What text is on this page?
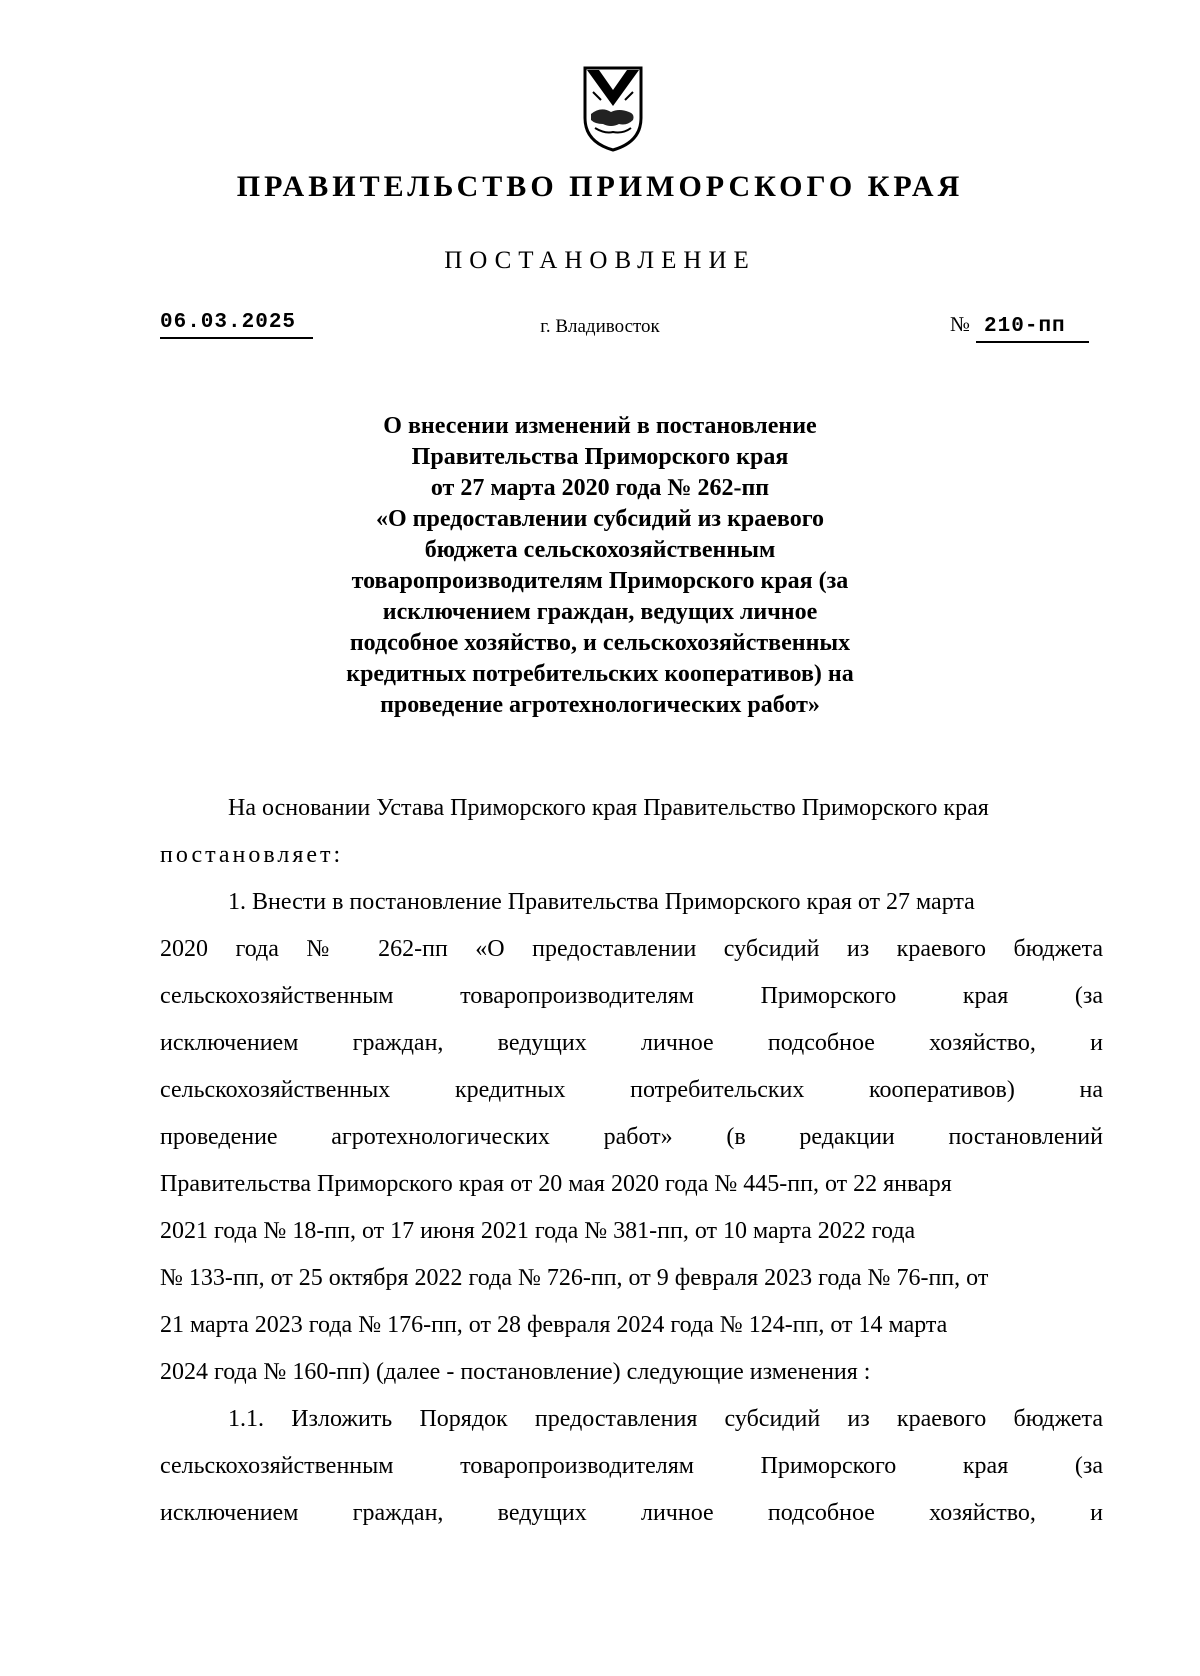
ПРАВИТЕЛЬСТВО ПРИМОРСКОГО КРАЯ
ПОСТАНОВЛЕНИЕ
06.03.2025	г. Владивосток	№ 210-пп
О внесении изменений в постановление
Правительства Приморского края
от 27 марта 2020 года № 262-пп
«О предоставлении субсидий из краевого
бюджета сельскохозяйственным
товаропроизводителям Приморского края (за
исключением граждан, ведущих личное
подсобное хозяйство, и сельскохозяйственных
кредитных потребительских кооперативов) на
проведение агротехнологических работ»
На основании Устава Приморского края Правительство Приморского края
постановляет:
1. Внести в постановление Правительства Приморского края от 27 марта
2020 года № 262-пп «О предоставлении субсидий из краевого бюджета
сельскохозяйственным товаропроизводителям Приморского края (за
исключением граждан, ведущих личное подсобное хозяйство, и
сельскохозяйственных кредитных потребительских кооперативов) на
проведение агротехнологических работ» (в редакции постановлений
Правительства Приморского края от 20 мая 2020 года № 445-пп, от 22 января
2021 года № 18-пп, от 17 июня 2021 года № 381-пп, от 10 марта 2022 года
№ 133-пп, от 25 октября 2022 года № 726-пп, от 9 февраля 2023 года № 76-пп, от
21 марта 2023 года № 176-пп, от 28 февраля 2024 года № 124-пп, от 14 марта
2024 года № 160-пп) (далее - постановление) следующие изменения :
1.1. Изложить Порядок предоставления субсидий из краевого бюджета
сельскохозяйственным товаропроизводителям Приморского края (за
исключением граждан, ведущих личное подсобное хозяйство, и
